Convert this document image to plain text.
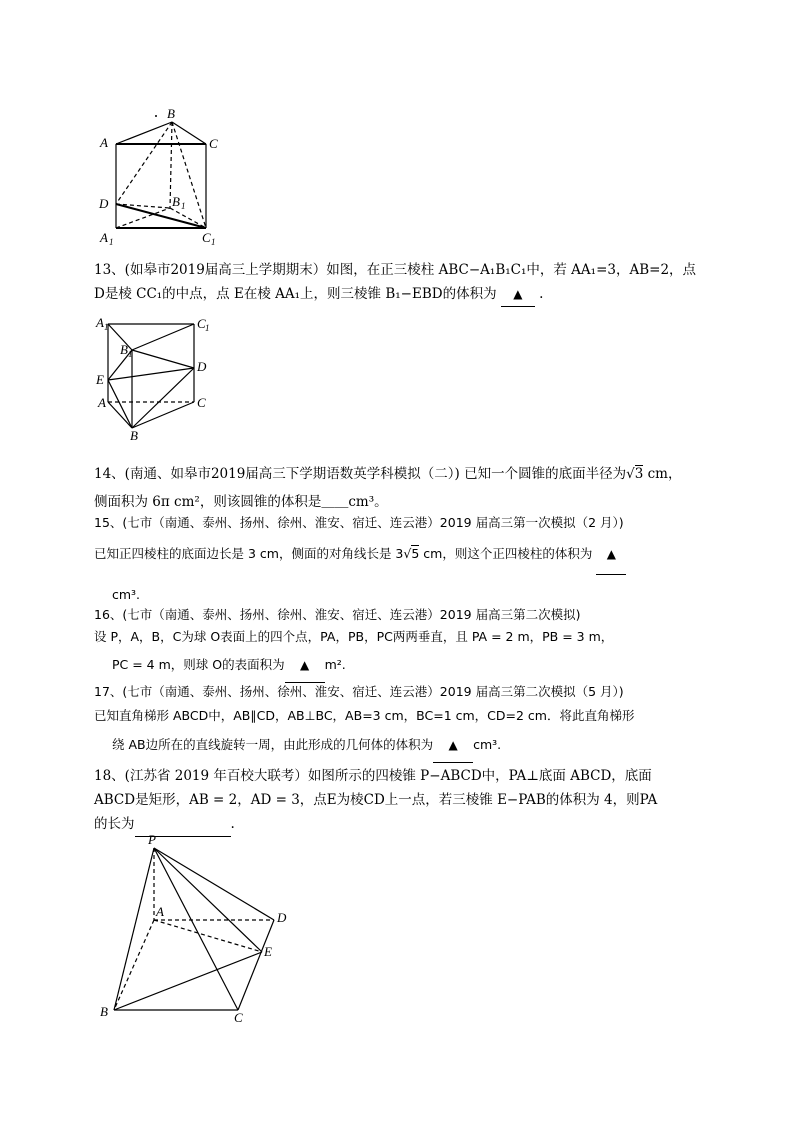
B
A	C
D	B 1
A 1	C 1
13、(如皋市2019届高三上学期期末）如图，在正三棱柱 ABC−A₁B₁C₁中，若 AA₁=3，AB=2，点
D是棱 CC₁的中点，点 E在棱 AA₁上，则三棱锥 B₁−EBD的体积为 ▲ .
A 1	C 1
B 1
E
D
A	C
B
14、(南通、如皋市2019届高三下学期语数英学科模拟（二）) 已知一个圆锥的底面半径为√3 cm，
侧面积为 6π cm²，则该圆锥的体积是＿＿cm³。
15、(七市（南通、泰州、扬州、徐州、淮安、宿迁、连云港）2019 届高三第一次模拟（2 月）)
已知正四棱柱的底面边长是 3 cm，侧面的对角线长是 3√5 cm，则这个正四棱柱的体积为 ▲
cm³.
16、(七市（南通、泰州、扬州、徐州、淮安、宿迁、连云港）2019 届高三第二次模拟)
设 P，A，B，C为球 O表面上的四个点，PA，PB，PC两两垂直，且 PA = 2 m，PB = 3 m，
PC = 4 m，则球 O的表面积为 ▲ m².
17、(七市（南通、泰州、扬州、徐州、淮安、宿迁、连云港）2019 届高三第二次模拟（5 月）)
已知直角梯形 ABCD中，AB∥CD，AB⊥BC，AB=3 cm，BC=1 cm，CD=2 cm．将此直角梯形
绕 AB边所在的直线旋转一周，由此形成的几何体的体积为 ▲ cm³.
18、(江苏省 2019 年百校大联考）如图所示的四棱锥 P−ABCD中，PA⊥底面 ABCD，底面
ABCD是矩形，AB = 2，AD = 3，点E为棱CD上一点，若三棱锥 E−PAB的体积为 4，则PA
的长为	.
P
A	D
E
B	C
